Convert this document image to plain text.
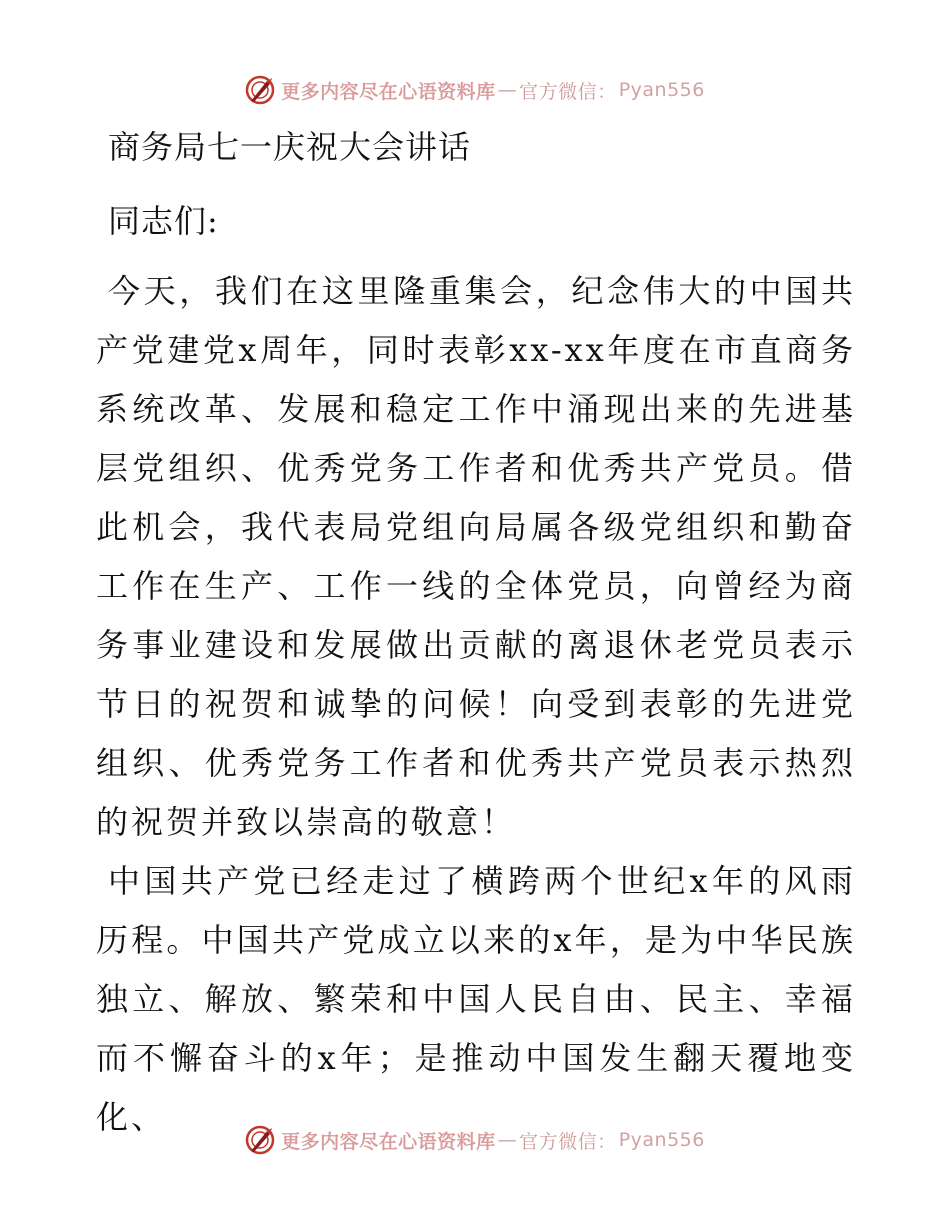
更多内容尽在心语资料库 — 官方微信： Pyan556
商务局七一庆祝大会讲话

同志们:

今天，我们在这里隆重集会，纪念伟大的中国共产党建党x周年，同时表彰xx-xx年度在市直商务系统改革、发展和稳定工作中涌现出来的先进基层党组织、优秀党务工作者和优秀共产党员。借此机会，我代表局党组向局属各级党组织和勤奋工作在生产、工作一线的全体党员，向曾经为商务事业建设和发展做出贡献的离退休老党员表示节日的祝贺和诚挚的问候！向受到表彰的先进党组织、优秀党务工作者和优秀共产党员表示热烈的祝贺并致以崇高的敬意！

中国共产党已经走过了横跨两个世纪x年的风雨历程。中国共产党成立以来的x年，是为中华民族独立、解放、繁荣和中国人民自由、民主、幸福而不懈奋斗的x年；是推动中国发生翻天覆地变化、

更多内容尽在心语资料库 — 官方微信： Pyan556
